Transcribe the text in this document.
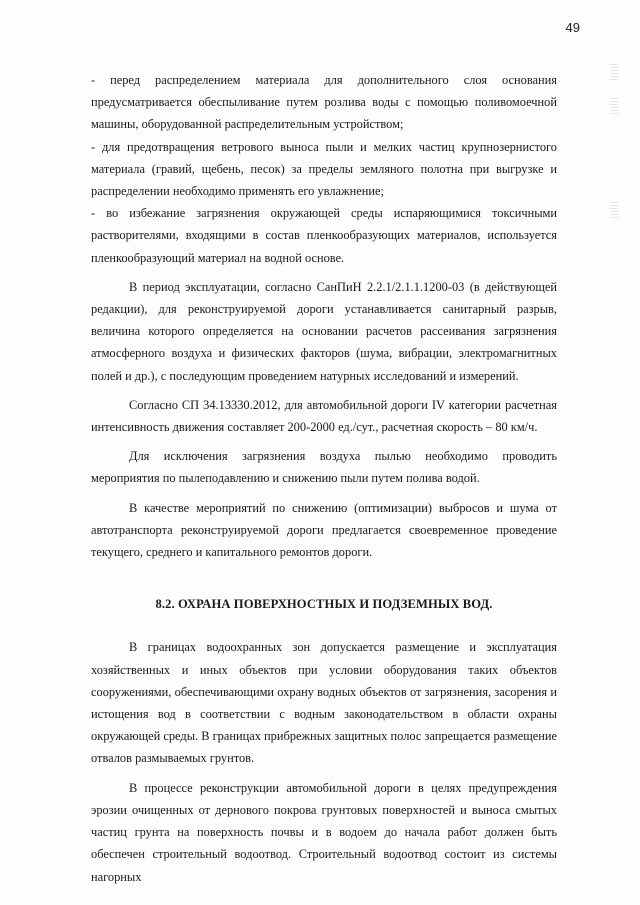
49

- перед распределением материала для дополнительного слоя основания предусматривается обеспыливание путем розлива воды с помощью поливомоечной машины, оборудованной распределительным устройством;

- для предотвращения ветрового выноса пыли и мелких частиц крупнозернистого материала (гравий, щебень, песок) за пределы земляного полотна при выгрузке и распределении необходимо применять его увлажнение;

- во избежание загрязнения окружающей среды испаряющимися токсичными растворителями, входящими в состав пленкообразующих материалов, используется пленкообразующий материал на водной основе.

В период эксплуатации, согласно СанПиН 2.2.1/2.1.1.1200-03 (в действующей редакции), для реконструируемой дороги устанавливается санитарный разрыв, величина которого определяется на основании расчетов рассеивания загрязнения атмосферного воздуха и физических факторов (шума, вибрации, электромагнитных полей и др.), с последующим проведением натурных исследований и измерений.

Согласно СП 34.13330.2012, для автомобильной дороги IV категории расчетная интенсивность движения составляет 200-2000 ед./сут., расчетная скорость – 80 км/ч.

Для исключения загрязнения воздуха пылью необходимо проводить мероприятия по пылеподавлению и снижению пыли путем полива водой.

В качестве мероприятий по снижению (оптимизации) выбросов и шума от автотранспорта реконструируемой дороги предлагается своевременное проведение текущего, среднего и капитального ремонтов дороги.

8.2. ОХРАНА ПОВЕРХНОСТНЫХ И ПОДЗЕМНЫХ ВОД.

В границах водоохранных зон допускается размещение и эксплуатация хозяйственных и иных объектов при условии оборудования таких объектов сооружениями, обеспечивающими охрану водных объектов от загрязнения, засорения и истощения вод в соответствии с водным законодательством в области охраны окружающей среды. В границах прибрежных защитных полос запрещается размещение отвалов размываемых грунтов.

В процессе реконструкции автомобильной дороги в целях предупреждения эрозии очищенных от дернового покрова грунтовых поверхностей и выноса смытых частиц грунта на поверхность почвы и в водоем до начала работ должен быть обеспечен строительный водоотвод. Строительный водоотвод состоит из системы нагорных
